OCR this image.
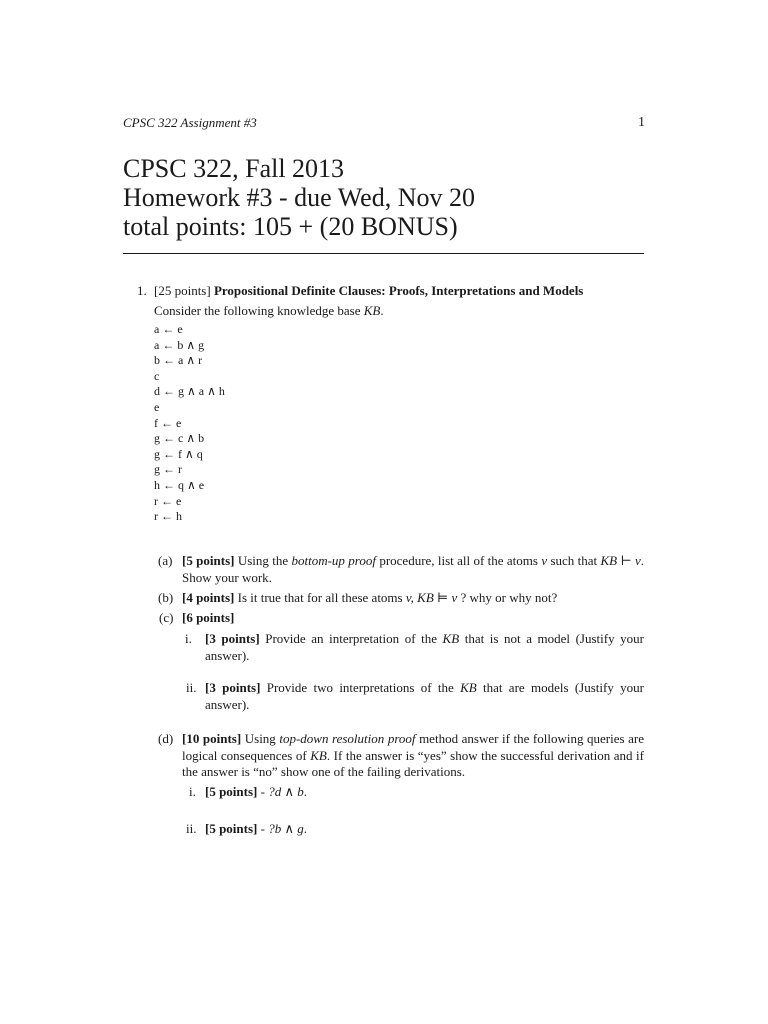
CPSC 322 Assignment #3	1
CPSC 322, Fall 2013
Homework #3 - due Wed, Nov 20
total points: 105 + (20 BONUS)
1. [25 points] Propositional Definite Clauses: Proofs, Interpretations and Models
Consider the following knowledge base KB.
a ← e
a ← b ∧ g
b ← a ∧ r
c
d ← g ∧ a ∧ h
e
f ← e
g ← c ∧ b
g ← f ∧ q
g ← r
h ← q ∧ e
r ← e
r ← h
(a) [5 points] Using the bottom-up proof procedure, list all of the atoms v such that KB ⊢ v. Show your work.
(b) [4 points] Is it true that for all these atoms v, KB ⊨ v ? why or why not?
(c) [6 points]
i. [3 points] Provide an interpretation of the KB that is not a model (Justify your answer).
ii. [3 points] Provide two interpretations of the KB that are models (Justify your answer).
(d) [10 points] Using top-down resolution proof method answer if the following queries are logical consequences of KB. If the answer is “yes” show the successful derivation and if the answer is “no” show one of the failing derivations.
i. [5 points] - ?d ∧ b.
ii. [5 points] - ?b ∧ g.
